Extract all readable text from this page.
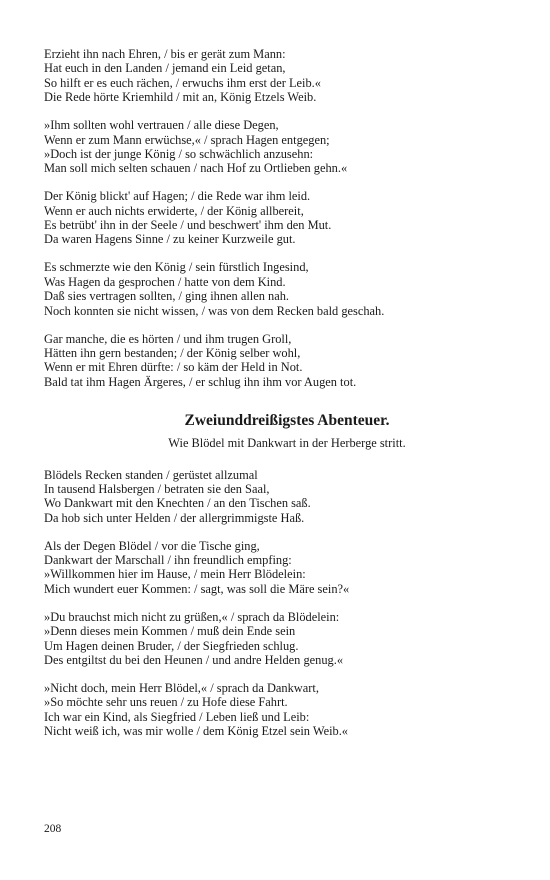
Erzieht ihn nach Ehren, / bis er gerät zum Mann:
Hat euch in den Landen / jemand ein Leid getan,
So hilft er es euch rächen, / erwuchs ihm erst der Leib.«
Die Rede hörte Kriemhild / mit an, König Etzels Weib.
»Ihm sollten wohl vertrauen / alle diese Degen,
Wenn er zum Mann erwüchse,« / sprach Hagen entgegen;
»Doch ist der junge König / so schwächlich anzusehn:
Man soll mich selten schauen / nach Hof zu Ortlieben gehn.«
Der König blickt' auf Hagen; / die Rede war ihm leid.
Wenn er auch nichts erwiderte, / der König allbereit,
Es betrübt' ihn in der Seele / und beschwert' ihm den Mut.
Da waren Hagens Sinne / zu keiner Kurzweile gut.
Es schmerzte wie den König / sein fürstlich Ingesind,
Was Hagen da gesprochen / hatte von dem Kind.
Daß sies vertragen sollten, / ging ihnen allen nah.
Noch konnten sie nicht wissen, / was von dem Recken bald geschah.
Gar manche, die es hörten / und ihm trugen Groll,
Hätten ihn gern bestanden; / der König selber wohl,
Wenn er mit Ehren dürfte: / so käm der Held in Not.
Bald tat ihm Hagen Ärgeres, / er schlug ihn ihm vor Augen tot.
Zweiunddreißigstes Abenteuer.
Wie Blödel mit Dankwart in der Herberge stritt.
Blödels Recken standen / gerüstet allzumal
In tausend Halsbergen / betraten sie den Saal,
Wo Dankwart mit den Knechten / an den Tischen saß.
Da hob sich unter Helden / der allergrimmigste Haß.
Als der Degen Blödel / vor die Tische ging,
Dankwart der Marschall / ihn freundlich empfing:
»Willkommen hier im Hause, / mein Herr Blödelein:
Mich wundert euer Kommen: / sagt, was soll die Märe sein?«
»Du brauchst mich nicht zu grüßen,« / sprach da Blödelein:
»Denn dieses mein Kommen / muß dein Ende sein
Um Hagen deinen Bruder, / der Siegfrieden schlug.
Des entgiltst du bei den Heunen / und andre Helden genug.«
»Nicht doch, mein Herr Blödel,« / sprach da Dankwart,
»So möchte sehr uns reuen / zu Hofe diese Fahrt.
Ich war ein Kind, als Siegfried / Leben ließ und Leib:
Nicht weiß ich, was mir wolle / dem König Etzel sein Weib.«
208
